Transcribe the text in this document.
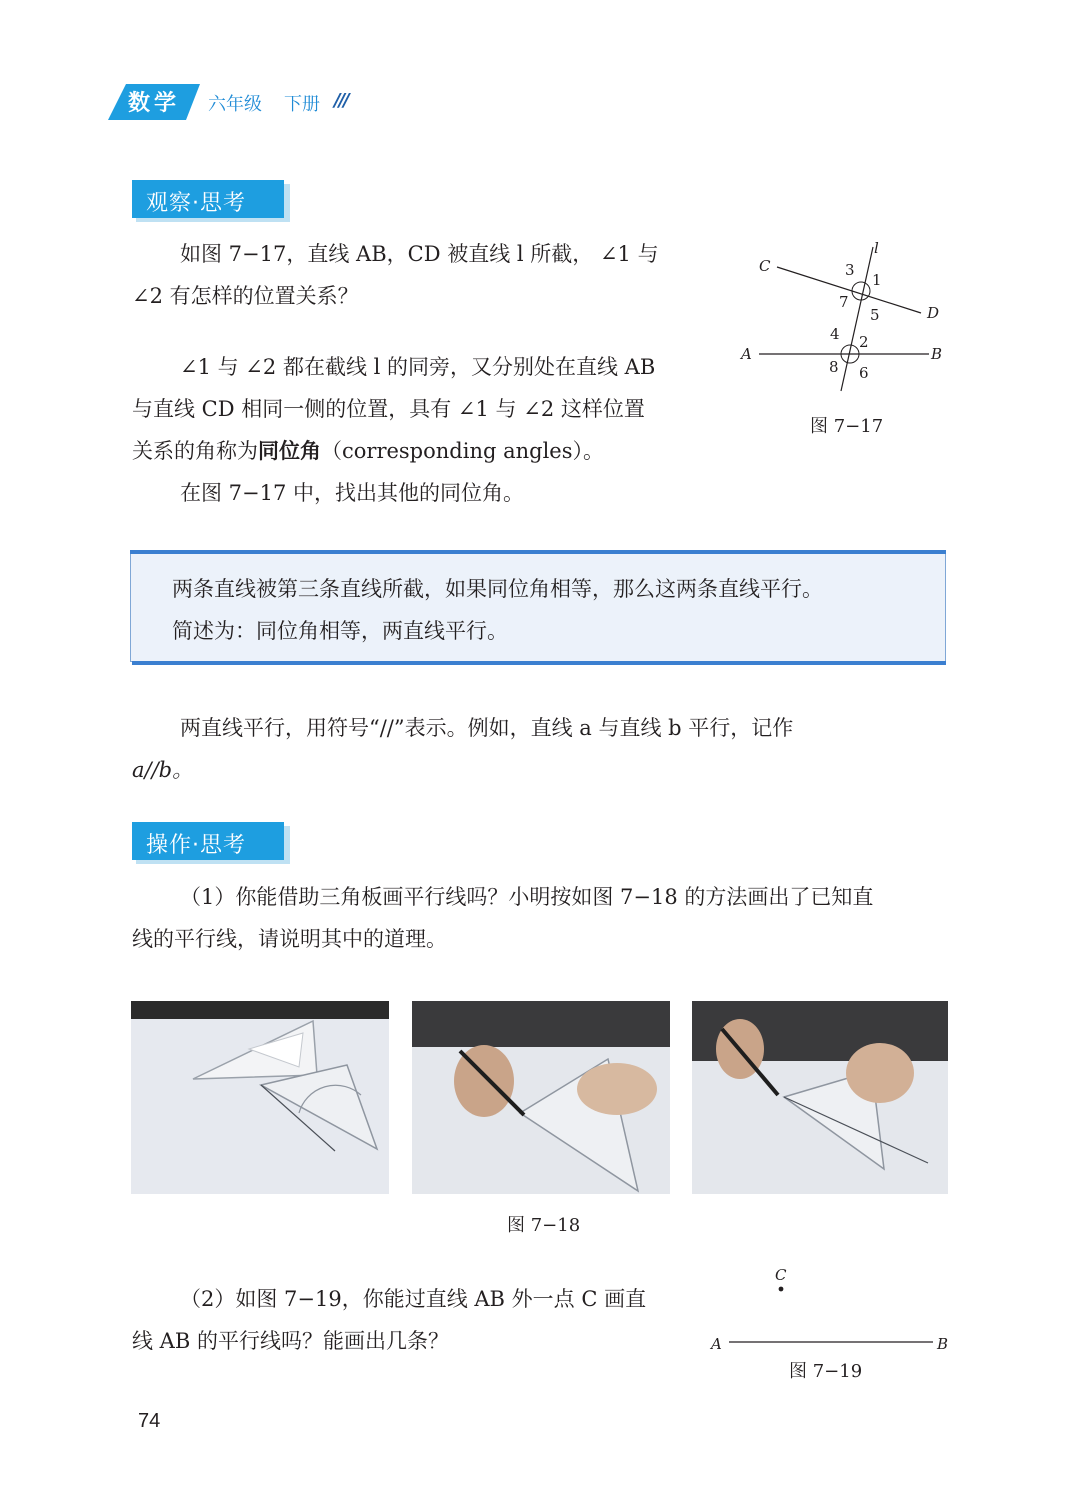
数学 六年级 下册 ///
观察·思考
如图 7−17，直线 AB，CD 被直线 l 所截， ∠1 与
∠2 有怎样的位置关系？
∠1 与 ∠2 都在截线 l 的同旁，又分别处在直线 AB
与直线 CD 相同一侧的位置，具有 ∠1 与 ∠2 这样位置
关系的角称为同位角（corresponding angles）。
在图 7−17 中，找出其他的同位角。
C
D
A	B
l
1
2
3
4
5
6
7
8
图 7−17
两条直线被第三条直线所截，如果同位角相等，那么这两条直线平行。
简述为：同位角相等，两直线平行。
两直线平行，用符号“//”表示。例如，直线 a 与直线 b 平行，记作
a//b。
操作·思考
（1）你能借助三角板画平行线吗？小明按如图 7−18 的方法画出了已知直
线的平行线，请说明其中的道理。
图 7−18
（2）如图 7−19，你能过直线 AB 外一点 C 画直
线 AB 的平行线吗？能画出几条？
C
A	B
图 7−19
74
